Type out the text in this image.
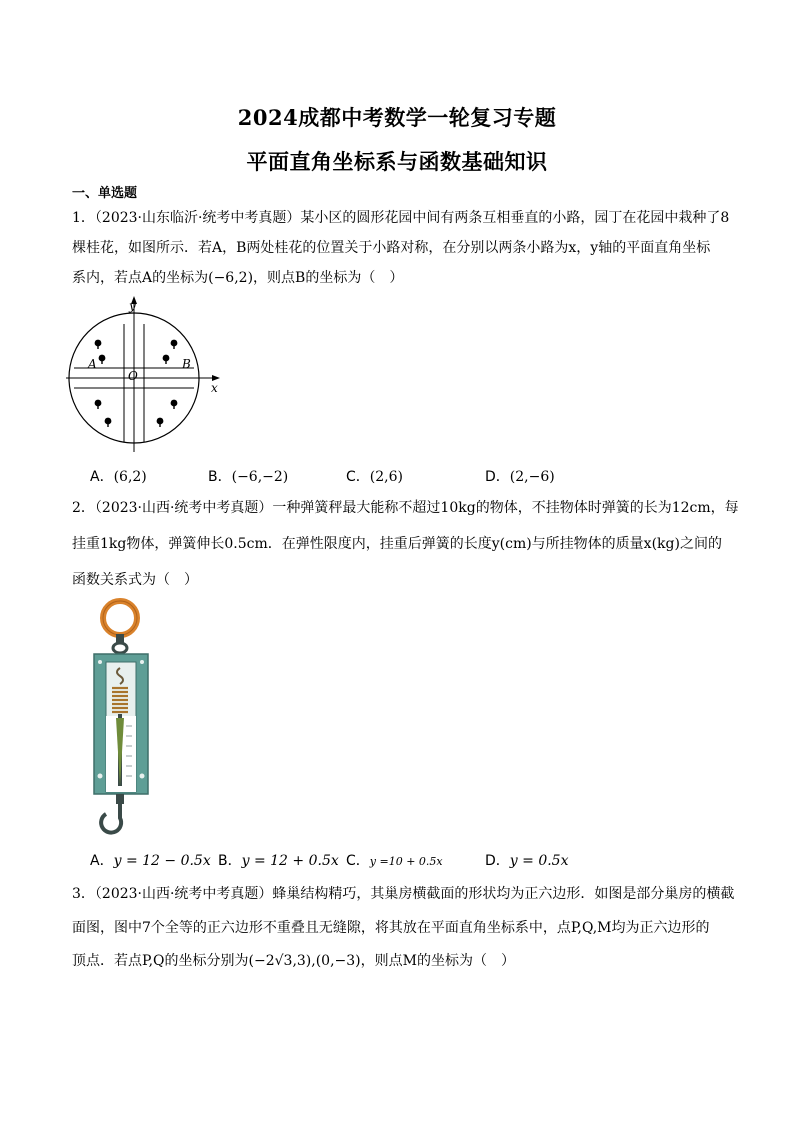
2024成都中考数学一轮复习专题
平面直角坐标系与函数基础知识
一、单选题
1．（2023·山东临沂·统考中考真题）某小区的圆形花园中间有两条互相垂直的小路，园丁在花园中栽种了8
棵桂花，如图所示．若A，B两处桂花的位置关于小路对称，在分别以两条小路为x，y轴的平面直角坐标
系内，若点A的坐标为(−6,2)，则点B的坐标为（　）
y
x
O
A	B
A．(6,2)	B．(−6,−2)	C．(2,6)	D．(2,−6)
2．（2023·山西·统考中考真题）一种弹簧秤最大能称不超过10kg的物体，不挂物体时弹簧的长为12cm，每
挂重1kg物体，弹簧伸长0.5cm．在弹性限度内，挂重后弹簧的长度y(cm)与所挂物体的质量x(kg)之间的
函数关系式为（　）
A．y = 12 − 0.5x B．y = 12 + 0.5x C．y =10 + 0.5x	D．y = 0.5x
3．（2023·山西·统考中考真题）蜂巢结构精巧，其巢房横截面的形状均为正六边形．如图是部分巢房的横截
面图，图中7个全等的正六边形不重叠且无缝隙，将其放在平面直角坐标系中，点P,Q,M均为正六边形的
顶点．若点P,Q的坐标分别为(−2√3,3),(0,−3)，则点M的坐标为（　）
